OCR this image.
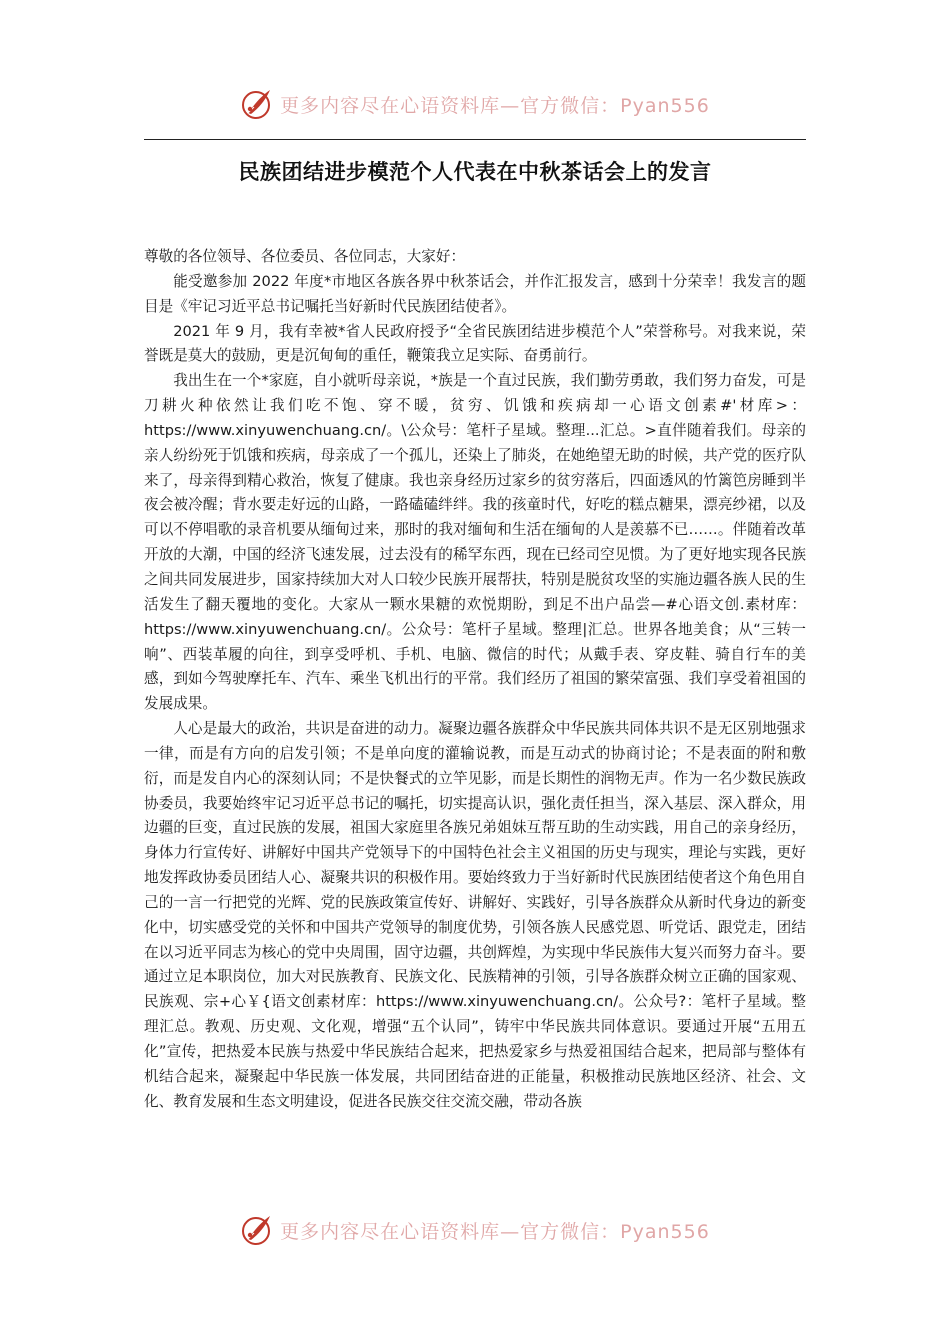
更多内容尽在心语资料库—官方微信：Pyan556
民族团结进步模范个人代表在中秋茶话会上的发言

尊敬的各位领导、各位委员、各位同志，大家好：

能受邀参加 2022 年度*市地区各族各界中秋茶话会，并作汇报发言，感到十分荣幸！我发言的题目是《牢记习近平总书记嘱托当好新时代民族团结使者》。

2021 年 9 月，我有幸被*省人民政府授予“全省民族团结进步模范个人”荣誉称号。对我来说，荣誉既是莫大的鼓励，更是沉甸甸的重任，鞭策我立足实际、奋勇前行。

我出生在一个*家庭，自小就听母亲说，*族是一个直过民族，我们勤劳勇敢，我们努力奋发，可是刀耕火种依然让我们吃不饱、穿不暖，贫穷、饥饿和疾病却一心语文创素#'材库>：https://www.xinyuwenchuang.cn/。\公众号：笔杆子星域。整理...汇总。>直伴随着我们。母亲的亲人纷纷死于饥饿和疾病，母亲成了一个孤儿，还染上了肺炎，在她绝望无助的时候，共产党的医疗队来了，母亲得到精心救治，恢复了健康。我也亲身经历过家乡的贫穷落后，四面透风的竹篱笆房睡到半夜会被冷醒；背水要走好远的山路，一路磕磕绊绊。我的孩童时代，好吃的糕点糖果，漂亮纱裙，以及可以不停唱歌的录音机要从缅甸过来，那时的我对缅甸和生活在缅甸的人是羡慕不已……。伴随着改革开放的大潮，中国的经济飞速发展，过去没有的稀罕东西，现在已经司空见惯。为了更好地实现各民族之间共同发展进步，国家持续加大对人口较少民族开展帮扶，特别是脱贫攻坚的实施边疆各族人民的生活发生了翻天覆地的变化。大家从一颗水果糖的欢悦期盼，到足不出户品尝—#心语文创.素材库：https://www.xinyuwenchuang.cn/。公众号：笔杆子星域。整理|汇总。世界各地美食；从“三转一响”、西装革履的向往，到享受呼机、手机、电脑、微信的时代；从戴手表、穿皮鞋、骑自行车的美感，到如今驾驶摩托车、汽车、乘坐飞机出行的平常。我们经历了祖国的繁荣富强、我们享受着祖国的发展成果。

人心是最大的政治，共识是奋进的动力。凝聚边疆各族群众中华民族共同体共识不是无区别地强求一律，而是有方向的启发引领；不是单向度的灌输说教，而是互动式的协商讨论；不是表面的附和敷衍，而是发自内心的深刻认同；不是快餐式的立竿见影，而是长期性的润物无声。作为一名少数民族政协委员，我要始终牢记习近平总书记的嘱托，切实提高认识，强化责任担当，深入基层、深入群众，用边疆的巨变，直过民族的发展，祖国大家庭里各族兄弟姐妹互帮互助的生动实践，用自己的亲身经历，身体力行宣传好、讲解好中国共产党领导下的中国特色社会主义祖国的历史与现实，理论与实践，更好地发挥政协委员团结人心、凝聚共识的积极作用。要始终致力于当好新时代民族团结使者这个角色用自己的一言一行把党的光辉、党的民族政策宣传好、讲解好、实践好，引导各族群众从新时代身边的新变化中，切实感受党的关怀和中国共产党领导的制度优势，引领各族人民感党恩、听党话、跟党走，团结在以习近平同志为核心的党中央周围，固守边疆，共创辉煌，为实现中华民族伟大复兴而努力奋斗。要通过立足本职岗位，加大对民族教育、民族文化、民族精神的引领，引导各族群众树立正确的国家观、民族观、宗+心￥{语文创素材库：https://www.xinyuwenchuang.cn/。公众号?：笔杆子星域。整理汇总。教观、历史观、文化观，增强“五个认同”，铸牢中华民族共同体意识。要通过开展“五用五化”宣传，把热爱本民族与热爱中华民族结合起来，把热爱家乡与热爱祖国结合起来，把局部与整体有机结合起来，凝聚起中华民族一体发展，共同团结奋进的正能量，积极推动民族地区经济、社会、文化、教育发展和生态文明建设，促进各民族交往交流交融，带动各族

更多内容尽在心语资料库—官方微信：Pyan556
